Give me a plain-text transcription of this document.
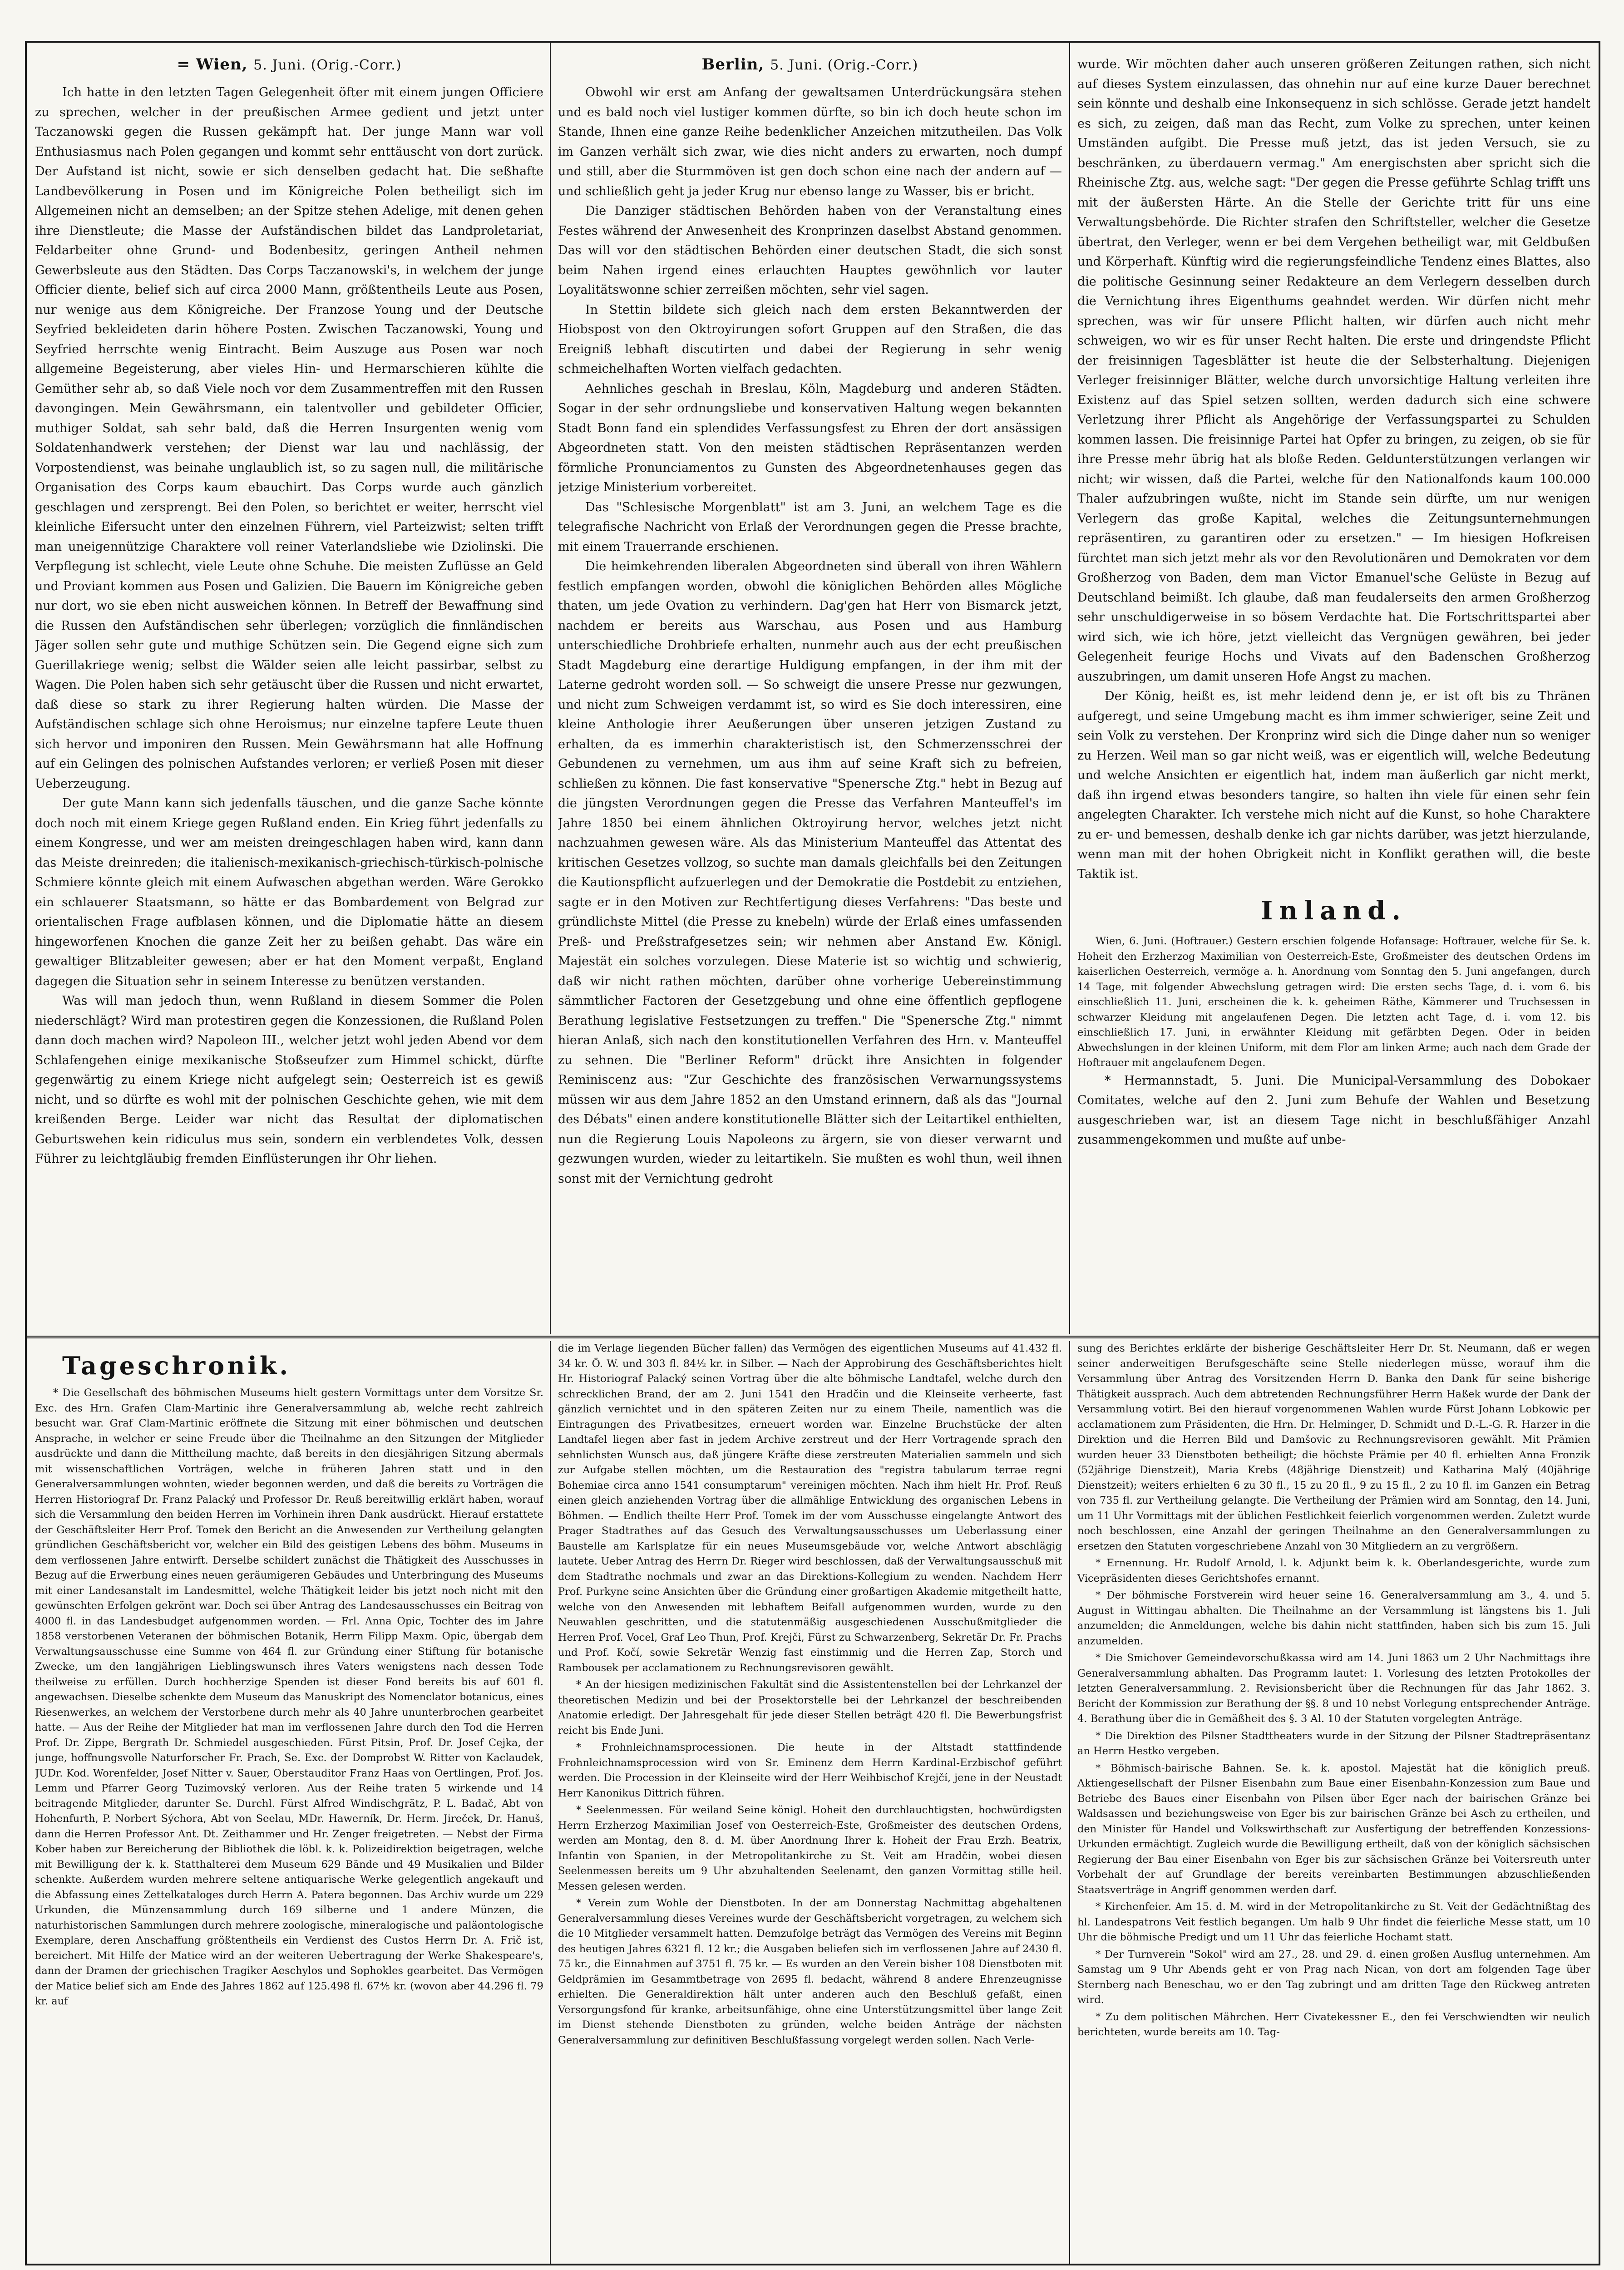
= Wien, 5. Juni. (Orig.-Corr.)

Ich hatte in den letzten Tagen Gelegenheit öfter mit einem jungen Officiere zu sprechen, welcher in der preußischen Armee gedient und jetzt unter Taczanowski gegen die Russen gekämpft hat. Der junge Mann war voll Enthusiasmus nach Polen gegangen und kommt sehr enttäuscht von dort zurück. Der Aufstand ist nicht, sowie er sich denselben gedacht hat. Die seßhafte Landbevölkerung in Posen und im Königreiche Polen betheiligt sich im Allgemeinen nicht an demselben; an der Spitze stehen Adelige, mit denen gehen ihre Dienstleute; die Masse der Aufständischen bildet das Landproletariat, Feldarbeiter ohne Grund- und Bodenbesitz, geringen Antheil nehmen Gewerbsleute aus den Städten. Das Corps Taczanowski's, in welchem der junge Officier diente, belief sich auf circa 2000 Mann, größtentheils Leute aus Posen, nur wenige aus dem Königreiche. Der Franzose Young und der Deutsche Seyfried bekleideten darin höhere Posten. Zwischen Taczanowski, Young und Seyfried herrschte wenig Eintracht. Beim Auszuge aus Posen war noch allgemeine Begeisterung, aber vieles Hin- und Hermarschieren kühlte die Gemüther sehr ab, so daß Viele noch vor dem Zusammentreffen mit den Russen davongingen. Mein Gewährsmann, ein talentvoller und gebildeter Officier, muthiger Soldat, sah sehr bald, daß die Herren Insurgenten wenig vom Soldatenhandwerk verstehen; der Dienst war lau und nachlässig, der Vorpostendienst, was beinahe unglaublich ist, so zu sagen null, die militärische Organisation des Corps kaum ebauchirt. Das Corps wurde auch gänzlich geschlagen und zersprengt. Bei den Polen, so berichtet er weiter, herrscht viel kleinliche Eifersucht unter den einzelnen Führern, viel Parteizwist; selten trifft man uneigennützige Charaktere voll reiner Vaterlandsliebe wie Dziolinski. Die Verpflegung ist schlecht, viele Leute ohne Schuhe. Die meisten Zuflüsse an Geld und Proviant kommen aus Posen und Galizien. Die Bauern im Königreiche geben nur dort, wo sie eben nicht ausweichen können. In Betreff der Bewaffnung sind die Russen den Aufständischen sehr überlegen; vorzüglich die finnländischen Jäger sollen sehr gute und muthige Schützen sein. Die Gegend eigne sich zum Guerillakriege wenig; selbst die Wälder seien alle leicht passirbar, selbst zu Wagen. Die Polen haben sich sehr getäuscht über die Russen und nicht erwartet, daß diese so stark zu ihrer Regierung halten würden. Die Masse der Aufständischen schlage sich ohne Heroismus; nur einzelne tapfere Leute thuen sich hervor und imponiren den Russen. Mein Gewährsmann hat alle Hoffnung auf ein Gelingen des polnischen Aufstandes verloren; er verließ Posen mit dieser Ueberzeugung.

Der gute Mann kann sich jedenfalls täuschen, und die ganze Sache könnte doch noch mit einem Kriege gegen Rußland enden. Ein Krieg führt jedenfalls zu einem Kongresse, und wer am meisten dreingeschlagen haben wird, kann dann das Meiste dreinreden; die italienisch-mexikanisch-griechisch-türkisch-polnische Schmiere könnte gleich mit einem Aufwaschen abgethan werden. Wäre Gerokko ein schlauerer Staatsmann, so hätte er das Bombardement von Belgrad zur orientalischen Frage aufblasen können, und die Diplomatie hätte an diesem hingeworfenen Knochen die ganze Zeit her zu beißen gehabt. Das wäre ein gewaltiger Blitzableiter gewesen; aber er hat den Moment verpaßt, England dagegen die Situation sehr in seinem Interesse zu benützen verstanden.

Was will man jedoch thun, wenn Rußland in diesem Sommer die Polen niederschlägt? Wird man protestiren gegen die Konzessionen, die Rußland Polen dann doch machen wird? Napoleon III., welcher jetzt wohl jeden Abend vor dem Schlafengehen einige mexikanische Stoßseufzer zum Himmel schickt, dürfte gegenwärtig zu einem Kriege nicht aufgelegt sein; Oesterreich ist es gewiß nicht, und so dürfte es wohl mit der polnischen Geschichte gehen, wie mit dem kreißenden Berge. Leider war nicht das Resultat der diplomatischen Geburtswehen kein ridiculus mus sein, sondern ein verblendetes Volk, dessen Führer zu leichtgläubig fremden Einflüsterungen ihr Ohr liehen.

Berlin, 5. Juni. (Orig.-Corr.)

Obwohl wir erst am Anfang der gewaltsamen Unterdrückungsära stehen und es bald noch viel lustiger kommen dürfte, so bin ich doch heute schon im Stande, Ihnen eine ganze Reihe bedenklicher Anzeichen mitzutheilen. Das Volk im Ganzen verhält sich zwar, wie dies nicht anders zu erwarten, noch dumpf und still, aber die Sturmmöven ist gen doch schon eine nach der andern auf — und schließlich geht ja jeder Krug nur ebenso lange zu Wasser, bis er bricht.

Die Danziger städtischen Behörden haben von der Veranstaltung eines Festes während der Anwesenheit des Kronprinzen daselbst Abstand genommen. Das will vor den städtischen Behörden einer deutschen Stadt, die sich sonst beim Nahen irgend eines erlauchten Hauptes gewöhnlich vor lauter Loyalitätswonne schier zerreißen möchten, sehr viel sagen.

In Stettin bildete sich gleich nach dem ersten Bekanntwerden der Hiobspost von den Oktroyirungen sofort Gruppen auf den Straßen, die das Ereigniß lebhaft discutirten und dabei der Regierung in sehr wenig schmeichelhaften Worten vielfach gedachten.

Aehnliches geschah in Breslau, Köln, Magdeburg und anderen Städten. Sogar in der sehr ordnungsliebe und konservativen Haltung wegen bekannten Stadt Bonn fand ein splendides Verfassungsfest zu Ehren der dort ansässigen Abgeordneten statt. Von den meisten städtischen Repräsentanzen werden förmliche Pronunciamentos zu Gunsten des Abgeordnetenhauses gegen das jetzige Ministerium vorbereitet.

Das "Schlesische Morgenblatt" ist am 3. Juni, an welchem Tage es die telegrafische Nachricht von Erlaß der Verordnungen gegen die Presse brachte, mit einem Trauerrande erschienen.

Die heimkehrenden liberalen Abgeordneten sind überall von ihren Wählern festlich empfangen worden, obwohl die königlichen Behörden alles Mögliche thaten, um jede Ovation zu verhindern. Dag'gen hat Herr von Bismarck jetzt, nachdem er bereits aus Warschau, aus Posen und aus Hamburg unterschiedliche Drohbriefe erhalten, nunmehr auch aus der echt preußischen Stadt Magdeburg eine derartige Huldigung empfangen, in der ihm mit der Laterne gedroht worden soll. — So schweigt die unsere Presse nur gezwungen, und nicht zum Schweigen verdammt ist, so wird es Sie doch interessiren, eine kleine Anthologie ihrer Aeußerungen über unseren jetzigen Zustand zu erhalten, da es immerhin charakteristisch ist, den Schmerzensschrei der Gebundenen zu vernehmen, um aus ihm auf seine Kraft sich zu befreien, schließen zu können. Die fast konservative "Spenersche Ztg." hebt in Bezug auf die jüngsten Verordnungen gegen die Presse das Verfahren Manteuffel's im Jahre 1850 bei einem ähnlichen Oktroyirung hervor, welches jetzt nicht nachzuahmen gewesen wäre. Als das Ministerium Manteuffel das Attentat des kritischen Gesetzes vollzog, so suchte man damals gleichfalls bei den Zeitungen die Kautionspflicht aufzuerlegen und der Demokratie die Postdebit zu entziehen, sagte er in den Motiven zur Rechtfertigung dieses Verfahrens: "Das beste und gründlichste Mittel (die Presse zu knebeln) würde der Erlaß eines umfassenden Preß- und Preßstrafgesetzes sein; wir nehmen aber Anstand Ew. Königl. Majestät ein solches vorzulegen. Diese Materie ist so wichtig und schwierig, daß wir nicht rathen möchten, darüber ohne vorherige Uebereinstimmung sämmtlicher Factoren der Gesetzgebung und ohne eine öffentlich gepflogene Berathung legislative Festsetzungen zu treffen." Die "Spenersche Ztg." nimmt hieran Anlaß, sich nach den konstitutionellen Verfahren des Hrn. v. Manteuffel zu sehnen. Die "Berliner Reform" drückt ihre Ansichten in folgender Reminiscenz aus: "Zur Geschichte des französischen Verwarnungssystems müssen wir aus dem Jahre 1852 an den Umstand erinnern, daß als das "Journal des Débats" einen andere konstitutionelle Blätter sich der Leitartikel enthielten, nun die Regierung Louis Napoleons zu ärgern, sie von dieser verwarnt und gezwungen wurden, wieder zu leitartikeln. Sie mußten es wohl thun, weil ihnen sonst mit der Vernichtung gedroht

wurde. Wir möchten daher auch unseren größeren Zeitungen rathen, sich nicht auf dieses System einzulassen, das ohnehin nur auf eine kurze Dauer berechnet sein könnte und deshalb eine Inkonsequenz in sich schlösse. Gerade jetzt handelt es sich, zu zeigen, daß man das Recht, zum Volke zu sprechen, unter keinen Umständen aufgibt. Die Presse muß jetzt, das ist jeden Versuch, sie zu beschränken, zu überdauern vermag." Am energischsten aber spricht sich die Rheinische Ztg. aus, welche sagt: "Der gegen die Presse geführte Schlag trifft uns mit der äußersten Härte. An die Stelle der Gerichte tritt für uns eine Verwaltungsbehörde. Die Richter strafen den Schriftsteller, welcher die Gesetze übertrat, den Verleger, wenn er bei dem Vergehen betheiligt war, mit Geldbußen und Körperhaft. Künftig wird die regierungsfeindliche Tendenz eines Blattes, also die politische Gesinnung seiner Redakteure an dem Verlegern desselben durch die Vernichtung ihres Eigenthums geahndet werden. Wir dürfen nicht mehr sprechen, was wir für unsere Pflicht halten, wir dürfen auch nicht mehr schweigen, wo wir es für unser Recht halten. Die erste und dringendste Pflicht der freisinnigen Tagesblätter ist heute die der Selbsterhaltung. Diejenigen Verleger freisinniger Blätter, welche durch unvorsichtige Haltung verleiten ihre Existenz auf das Spiel setzen sollten, werden dadurch sich eine schwere Verletzung ihrer Pflicht als Angehörige der Verfassungspartei zu Schulden kommen lassen. Die freisinnige Partei hat Opfer zu bringen, zu zeigen, ob sie für ihre Presse mehr übrig hat als bloße Reden. Geldunterstützungen verlangen wir nicht; wir wissen, daß die Partei, welche für den Nationalfonds kaum 100.000 Thaler aufzubringen wußte, nicht im Stande sein dürfte, um nur wenigen Verlegern das große Kapital, welches die Zeitungsunternehmungen repräsentiren, zu garantiren oder zu ersetzen." — Im hiesigen Hofkreisen fürchtet man sich jetzt mehr als vor den Revolutionären und Demokraten vor dem Großherzog von Baden, dem man Victor Emanuel'sche Gelüste in Bezug auf Deutschland beimißt. Ich glaube, daß man feudalerseits den armen Großherzog sehr unschuldigerweise in so bösem Verdachte hat. Die Fortschrittspartei aber wird sich, wie ich höre, jetzt vielleicht das Vergnügen gewähren, bei jeder Gelegenheit feurige Hochs und Vivats auf den Badenschen Großherzog auszubringen, um damit unseren Hofe Angst zu machen.

Der König, heißt es, ist mehr leidend denn je, er ist oft bis zu Thränen aufgeregt, und seine Umgebung macht es ihm immer schwieriger, seine Zeit und sein Volk zu verstehen. Der Kronprinz wird sich die Dinge daher nun so weniger zu Herzen. Weil man so gar nicht weiß, was er eigentlich will, welche Bedeutung und welche Ansichten er eigentlich hat, indem man äußerlich gar nicht merkt, daß ihn irgend etwas besonders tangire, so halten ihn viele für einen sehr fein angelegten Charakter. Ich verstehe mich nicht auf die Kunst, so hohe Charaktere zu er- und bemessen, deshalb denke ich gar nichts darüber, was jetzt hierzulande, wenn man mit der hohen Obrigkeit nicht in Konflikt gerathen will, die beste Taktik ist.

Inland.

Wien, 6. Juni. (Hoftrauer.) Gestern erschien folgende Hofansage: Hoftrauer, welche für Se. k. Hoheit den Erzherzog Maximilian von Oesterreich-Este, Großmeister des deutschen Ordens im kaiserlichen Oesterreich, vermöge a. h. Anordnung vom Sonntag den 5. Juni angefangen, durch 14 Tage, mit folgender Abwechslung getragen wird: Die ersten sechs Tage, d. i. vom 6. bis einschließlich 11. Juni, erscheinen die k. k. geheimen Räthe, Kämmerer und Truchsessen in schwarzer Kleidung mit angelaufenen Degen. Die letzten acht Tage, d. i. vom 12. bis einschließlich 17. Juni, in erwähnter Kleidung mit gefärbten Degen. Oder in beiden Abwechslungen in der kleinen Uniform, mit dem Flor am linken Arme; auch nach dem Grade der Hoftrauer mit angelaufenem Degen.

* Hermannstadt, 5. Juni. Die Municipal-Versammlung des Dobokaer Comitates, welche auf den 2. Juni zum Behufe der Wahlen und Besetzung ausgeschrieben war, ist an diesem Tage nicht in beschlußfähiger Anzahl zusammengekommen und mußte auf unbe-

Tageschronik.

* Die Gesellschaft des böhmischen Museums hielt gestern Vormittags unter dem Vorsitze Sr. Exc. des Hrn. Grafen Clam-Martinic ihre Generalversammlung ab, welche recht zahlreich besucht war. Graf Clam-Martinic eröffnete die Sitzung mit einer böhmischen und deutschen Ansprache, in welcher er seine Freude über die Theilnahme an den Sitzungen der Mitglieder ausdrückte und dann die Mittheilung machte, daß bereits in den diesjährigen Sitzung abermals mit wissenschaftlichen Vorträgen, welche in früheren Jahren statt und in den Generalversammlungen wohnten, wieder begonnen werden, und daß die bereits zu Vorträgen die Herren Historiograf Dr. Franz Palacký und Professor Dr. Reuß bereitwillig erklärt haben, worauf sich die Versammlung den beiden Herren im Vorhinein ihren Dank ausdrückt. Hierauf erstattete der Geschäftsleiter Herr Prof. Tomek den Bericht an die Anwesenden zur Vertheilung gelangten gründlichen Geschäftsbericht vor, welcher ein Bild des geistigen Lebens des böhm. Museums in dem verflossenen Jahre entwirft. Derselbe schildert zunächst die Thätigkeit des Ausschusses in Bezug auf die Erwerbung eines neuen geräumigeren Gebäudes und Unterbringung des Museums mit einer Landesanstalt im Landesmittel, welche Thätigkeit leider bis jetzt noch nicht mit den gewünschten Erfolgen gekrönt war. Doch sei über Antrag des Landesausschusses ein Beitrag von 4000 fl. in das Landesbudget aufgenommen worden. — Frl. Anna Opic, Tochter des im Jahre 1858 verstorbenen Veteranen der böhmischen Botanik, Herrn Filipp Maxm. Opic, übergab dem Verwaltungsausschusse eine Summe von 464 fl. zur Gründung einer Stiftung für botanische Zwecke, um den langjährigen Lieblingswunsch ihres Vaters wenigstens nach dessen Tode theilweise zu erfüllen. Durch hochherzige Spenden ist dieser Fond bereits bis auf 601 fl. angewachsen. Dieselbe schenkte dem Museum das Manuskript des Nomenclator botanicus, eines Riesenwerkes, an welchem der Verstorbene durch mehr als 40 Jahre ununterbrochen gearbeitet hatte. — Aus der Reihe der Mitglieder hat man im verflossenen Jahre durch den Tod die Herren Prof. Dr. Zippe, Bergrath Dr. Schmiedel ausgeschieden. Fürst Pitsin, Prof. Dr. Josef Cejka, der junge, hoffnungsvolle Naturforscher Fr. Prach, Se. Exc. der Domprobst W. Ritter von Kaclaudek, JUDr. Kod. Worenfelder, Josef Nitter v. Sauer, Oberstauditor Franz Haas von Oertlingen, Prof. Jos. Lemm und Pfarrer Georg Tuzimovský verloren. Aus der Reihe traten 5 wirkende und 14 beitragende Mitglieder, darunter Se. Durchl. Fürst Alfred Windischgrätz, P. L. Badač, Abt von Hohenfurth, P. Norbert Sýchora, Abt von Seelau, MDr. Hawerník, Dr. Herm. Jireček, Dr. Hanuš, dann die Herren Professor Ant. Dt. Zeithammer und Hr. Zenger freigetreten. — Nebst der Firma Kober haben zur Bereicherung der Bibliothek die löbl. k. k. Polizeidirektion beigetragen, welche mit Bewilligung der k. k. Statthalterei dem Museum 629 Bände und 49 Musikalien und Bilder schenkte. Außerdem wurden mehrere seltene antiquarische Werke gelegentlich angekauft und die Abfassung eines Zettelkataloges durch Herrn A. Patera begonnen. Das Archiv wurde um 229 Urkunden, die Münzensammlung durch 169 silberne und 1 andere Münzen, die naturhistorischen Sammlungen durch mehrere zoologische, mineralogische und paläontologische Exemplare, deren Anschaffung größtentheils ein Verdienst des Custos Herrn Dr. A. Frič ist, bereichert. Mit Hilfe der Matice wird an der weiteren Uebertragung der Werke Shakespeare's, dann der Dramen der griechischen Tragiker Aeschylos und Sophokles gearbeitet. Das Vermögen der Matice belief sich am Ende des Jahres 1862 auf 125.498 fl. 67⅘ kr. (wovon aber 44.296 fl. 79 kr. auf

die im Verlage liegenden Bücher fallen) das Vermögen des eigentlichen Museums auf 41.432 fl. 34 kr. Ö. W. und 303 fl. 84½ kr. in Silber. — Nach der Approbirung des Geschäftsberichtes hielt Hr. Historiograf Palacký seinen Vortrag über die alte böhmische Landtafel, welche durch den schrecklichen Brand, der am 2. Juni 1541 den Hradčin und die Kleinseite verheerte, fast gänzlich vernichtet und in den späteren Zeiten nur zu einem Theile, namentlich was die Eintragungen des Privatbesitzes, erneuert worden war. Einzelne Bruchstücke der alten Landtafel liegen aber fast in jedem Archive zerstreut und der Herr Vortragende sprach den sehnlichsten Wunsch aus, daß jüngere Kräfte diese zerstreuten Materialien sammeln und sich zur Aufgabe stellen möchten, um die Restauration des "registra tabularum terrae regni Bohemiae circa anno 1541 consumptarum" vereinigen möchten. Nach ihm hielt Hr. Prof. Reuß einen gleich anziehenden Vortrag über die allmählige Entwicklung des organischen Lebens in Böhmen. — Endlich theilte Herr Prof. Tomek im der vom Ausschusse eingelangte Antwort des Prager Stadtrathes auf das Gesuch des Verwaltungsausschusses um Ueberlassung einer Baustelle am Karlsplatze für ein neues Museumsgebäude vor, welche Antwort abschlägig lautete. Ueber Antrag des Herrn Dr. Rieger wird beschlossen, daß der Verwaltungsausschuß mit dem Stadtrathe nochmals und zwar an das Direktions-Kollegium zu wenden. Nachdem Herr Prof. Purkyne seine Ansichten über die Gründung einer großartigen Akademie mitgetheilt hatte, welche von den Anwesenden mit lebhaftem Beifall aufgenommen wurden, wurde zu den Neuwahlen geschritten, und die statutenmäßig ausgeschiedenen Ausschußmitglieder die Herren Prof. Vocel, Graf Leo Thun, Prof. Krejči, Fürst zu Schwarzenberg, Sekretär Dr. Fr. Prachs und Prof. Kočí, sowie Sekretär Wenzig fast einstimmig und die Herren Zap, Storch und Rambousek per acclamationem zu Rechnungsrevisoren gewählt.

* An der hiesigen medizinischen Fakultät sind die Assistentenstellen bei der Lehrkanzel der theoretischen Medizin und bei der Prosektorstelle bei der Lehrkanzel der beschreibenden Anatomie erledigt. Der Jahresgehalt für jede dieser Stellen beträgt 420 fl. Die Bewerbungsfrist reicht bis Ende Juni.

* Frohnleichnamsprocessionen. Die heute in der Altstadt stattfindende Frohnleichnamsprocession wird von Sr. Eminenz dem Herrn Kardinal-Erzbischof geführt werden. Die Procession in der Kleinseite wird der Herr Weihbischof Krejčí, jene in der Neustadt Herr Kanonikus Dittrich führen.

* Seelenmessen. Für weiland Seine königl. Hoheit den durchlauchtigsten, hochwürdigsten Herrn Erzherzog Maximilian Josef von Oesterreich-Este, Großmeister des deutschen Ordens, werden am Montag, den 8. d. M. über Anordnung Ihrer k. Hoheit der Frau Erzh. Beatrix, Infantin von Spanien, in der Metropolitankirche zu St. Veit am Hradčin, wobei diesen Seelenmessen bereits um 9 Uhr abzuhaltenden Seelenamt, den ganzen Vormittag stille heil. Messen gelesen werden.

* Verein zum Wohle der Dienstboten. In der am Donnerstag Nachmittag abgehaltenen Generalversammlung dieses Vereines wurde der Geschäftsbericht vorgetragen, zu welchem sich die 10 Mitglieder versammelt hatten. Demzufolge beträgt das Vermögen des Vereins mit Beginn des heutigen Jahres 6321 fl. 12 kr.; die Ausgaben beliefen sich im verflossenen Jahre auf 2430 fl. 75 kr., die Einnahmen auf 3751 fl. 75 kr. — Es wurden an den Verein bisher 108 Dienstboten mit Geldprämien im Gesammtbetrage von 2695 fl. bedacht, während 8 andere Ehrenzeugnisse erhielten. Die Generaldirektion hält unter anderen auch den Beschluß gefaßt, einen Versorgungsfond für kranke, arbeitsunfähige, ohne eine Unterstützungsmittel über lange Zeit im Dienst stehende Dienstboten zu gründen, welche beiden Anträge der nächsten Generalversammlung zur definitiven Beschlußfassung vorgelegt werden sollen. Nach Verle-

sung des Berichtes erklärte der bisherige Geschäftsleiter Herr Dr. St. Neumann, daß er wegen seiner anderweitigen Berufsgeschäfte seine Stelle niederlegen müsse, worauf ihm die Versammlung über Antrag des Vorsitzenden Herrn D. Banka den Dank für seine bisherige Thätigkeit aussprach. Auch dem abtretenden Rechnungsführer Herrn Haßek wurde der Dank der Versammlung votirt. Bei den hierauf vorgenommenen Wahlen wurde Fürst Johann Lobkowic per acclamationem zum Präsidenten, die Hrn. Dr. Helminger, D. Schmidt und D.-L.-G. R. Harzer in die Direktion und die Herren Bild und Damšovic zu Rechnungsrevisoren gewählt. Mit Prämien wurden heuer 33 Dienstboten betheiligt; die höchste Prämie per 40 fl. erhielten Anna Fronzik (52jährige Dienstzeit), Maria Krebs (48jährige Dienstzeit) und Katharina Malý (40jährige Dienstzeit); weiters erhielten 6 zu 30 fl., 15 zu 20 fl., 9 zu 15 fl., 2 zu 10 fl. im Ganzen ein Betrag von 735 fl. zur Vertheilung gelangte. Die Vertheilung der Prämien wird am Sonntag, den 14. Juni, um 11 Uhr Vormittags mit der üblichen Festlichkeit feierlich vorgenommen werden. Zuletzt wurde noch beschlossen, eine Anzahl der geringen Theilnahme an den Generalversammlungen zu ersetzen den Statuten vorgeschriebene Anzahl von 30 Mitgliedern an zu vergrößern.

* Ernennung. Hr. Rudolf Arnold, l. k. Adjunkt beim k. k. Oberlandesgerichte, wurde zum Vicepräsidenten dieses Gerichtshofes ernannt.

* Der böhmische Forstverein wird heuer seine 16. Generalversammlung am 3., 4. und 5. August in Wittingau abhalten. Die Theilnahme an der Versammlung ist längstens bis 1. Juli anzumelden; die Anmeldungen, welche bis dahin nicht stattfinden, haben sich bis zum 15. Juli anzumelden.

* Die Smichover Gemeindevorschußkassa wird am 14. Juni 1863 um 2 Uhr Nachmittags ihre Generalversammlung abhalten. Das Programm lautet: 1. Vorlesung des letzten Protokolles der letzten Generalversammlung. 2. Revisionsbericht über die Rechnungen für das Jahr 1862. 3. Bericht der Kommission zur Berathung der §§. 8 und 10 nebst Vorlegung entsprechender Anträge. 4. Berathung über die in Gemäßheit des §. 3 Al. 10 der Statuten vorgelegten Anträge.

* Die Direktion des Pilsner Stadttheaters wurde in der Sitzung der Pilsner Stadtrepräsentanz an Herrn Hestko vergeben.

* Böhmisch-bairische Bahnen. Se. k. k. apostol. Majestät hat die königlich preuß. Aktiengesellschaft der Pilsner Eisenbahn zum Baue einer Eisenbahn-Konzession zum Baue und Betriebe des Baues einer Eisenbahn von Pilsen über Eger nach der bairischen Gränze bei Waldsassen und beziehungsweise von Eger bis zur bairischen Gränze bei Asch zu ertheilen, und den Minister für Handel und Volkswirthschaft zur Ausfertigung der betreffenden Konzessions-Urkunden ermächtigt. Zugleich wurde die Bewilligung ertheilt, daß von der königlich sächsischen Regierung der Bau einer Eisenbahn von Eger bis zur sächsischen Gränze bei Voitersreuth unter Vorbehalt der auf Grundlage der bereits vereinbarten Bestimmungen abzuschließenden Staatsverträge in Angriff genommen werden darf.

* Kirchenfeier. Am 15. d. M. wird in der Metropolitankirche zu St. Veit der Gedächtnißtag des hl. Landespatrons Veit festlich begangen. Um halb 9 Uhr findet die feierliche Messe statt, um 10 Uhr die böhmische Predigt und um 11 Uhr das feierliche Hochamt statt.

* Der Turnverein "Sokol" wird am 27., 28. und 29. d. einen großen Ausflug unternehmen. Am Samstag um 9 Uhr Abends geht er von Prag nach Nican, von dort am folgenden Tage über Sternberg nach Beneschau, wo er den Tag zubringt und am dritten Tage den Rückweg antreten wird.

* Zu dem politischen Mährchen. Herr Civatekessner E., den fei Verschwiendten wir neulich berichteten, wurde bereits am 10. Tag-
